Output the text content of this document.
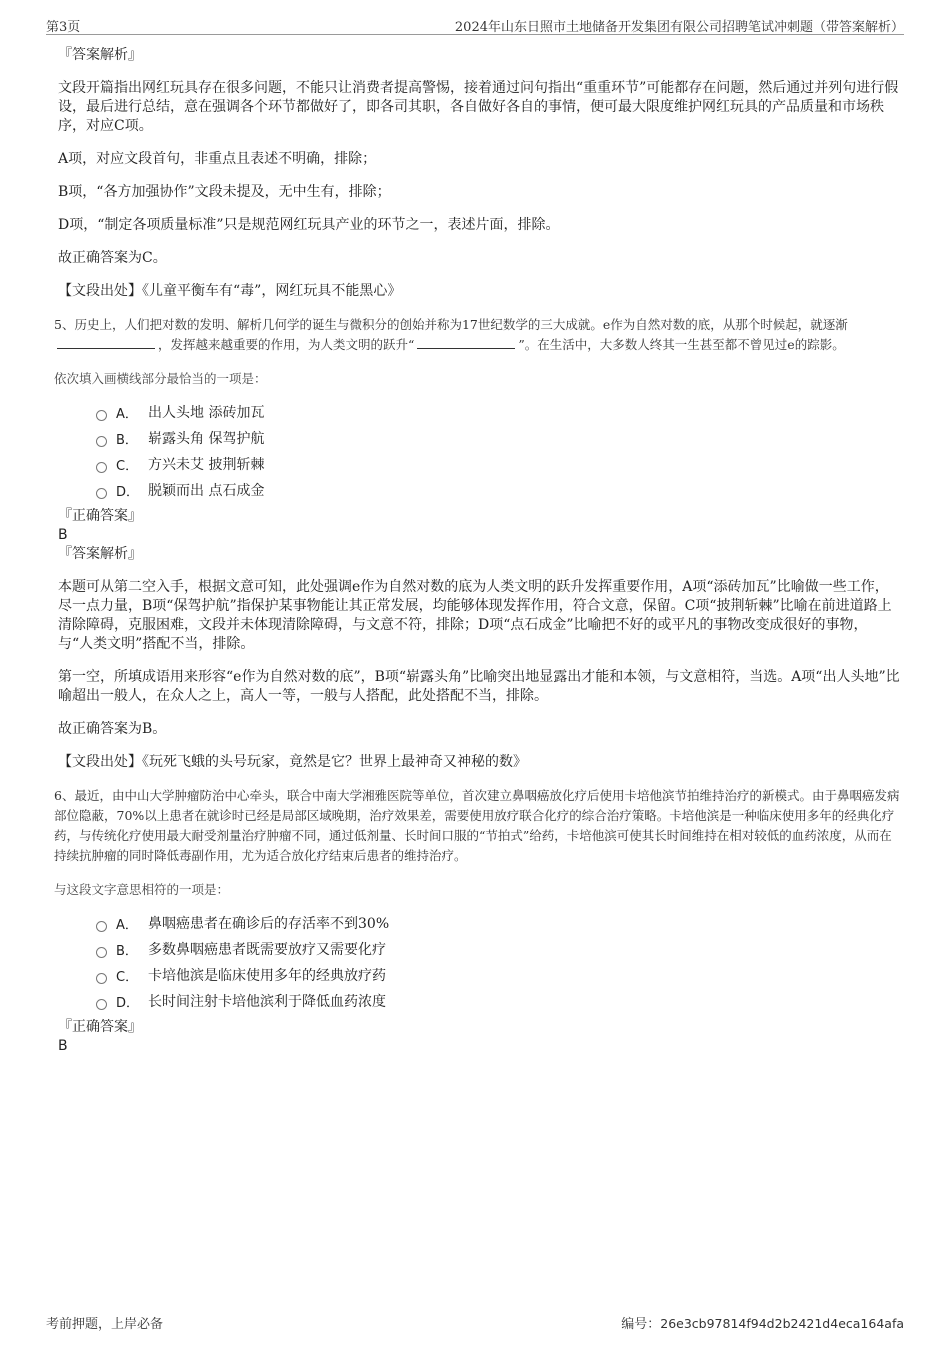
第3页	2024年山东日照市土地储备开发集团有限公司招聘笔试冲刺题（带答案解析）

『答案解析』

文段开篇指出网红玩具存在很多问题，不能只让消费者提高警惕，接着通过问句指出“重重环节”可能都存在问题，然后通过并列句进行假设，最后进行总结，意在强调各个环节都做好了，即各司其职，各自做好各自的事情，便可最大限度维护网红玩具的产品质量和市场秩序，对应C项。

A项，对应文段首句，非重点且表述不明确，排除；

B项，“各方加强协作”文段未提及，无中生有，排除；

D项，“制定各项质量标准”只是规范网红玩具产业的环节之一，表述片面，排除。

故正确答案为C。

【文段出处】《儿童平衡车有“毒”，网红玩具不能黑心》

5、历史上，人们把对数的发明、解析几何学的诞生与微积分的创始并称为17世纪数学的三大成就。e作为自然对数的底，从那个时候起，就逐渐，发挥越来越重要的作用，为人类文明的跃升“	”。在生活中，大多数人终其一生甚至都不曾见过e的踪影。

依次填入画横线部分最恰当的一项是：

A． 出人头地 添砖加瓦
B． 崭露头角 保驾护航
C． 方兴未艾 披荆斩棘
D． 脱颖而出 点石成金

『正确答案』

B

『答案解析』

本题可从第二空入手，根据文意可知，此处强调e作为自然对数的底为人类文明的跃升发挥重要作用，A项“添砖加瓦”比喻做一些工作，尽一点力量，B项“保驾护航”指保护某事物能让其正常发展，均能够体现发挥作用，符合文意，保留。C项“披荆斩棘”比喻在前进道路上清除障碍，克服困难，文段并未体现清除障碍，与文意不符，排除；D项“点石成金”比喻把不好的或平凡的事物改变成很好的事物，与“人类文明”搭配不当，排除。

第一空，所填成语用来形容“e作为自然对数的底”，B项“崭露头角”比喻突出地显露出才能和本领，与文意相符，当选。A项“出人头地”比喻超出一般人，在众人之上，高人一等，一般与人搭配，此处搭配不当，排除。

故正确答案为B。

【文段出处】《玩死飞蛾的头号玩家，竟然是它？世界上最神奇又神秘的数》

6、最近，由中山大学肿瘤防治中心牵头，联合中南大学湘雅医院等单位，首次建立鼻咽癌放化疗后使用卡培他滨节拍维持治疗的新模式。由于鼻咽癌发病部位隐蔽，70%以上患者在就诊时已经是局部区域晚期，治疗效果差，需要使用放疗联合化疗的综合治疗策略。卡培他滨是一种临床使用多年的经典化疗药，与传统化疗使用最大耐受剂量治疗肿瘤不同，通过低剂量、长时间口服的“节拍式”给药，卡培他滨可使其长时间维持在相对较低的血药浓度，从而在持续抗肿瘤的同时降低毒副作用，尤为适合放化疗结束后患者的维持治疗。

与这段文字意思相符的一项是：

A． 鼻咽癌患者在确诊后的存活率不到30%
B． 多数鼻咽癌患者既需要放疗又需要化疗
C． 卡培他滨是临床使用多年的经典放疗药
D． 长时间注射卡培他滨利于降低血药浓度

『正确答案』

B

考前押题，上岸必备	编号：26e3cb97814f94d2b2421d4eca164afa
